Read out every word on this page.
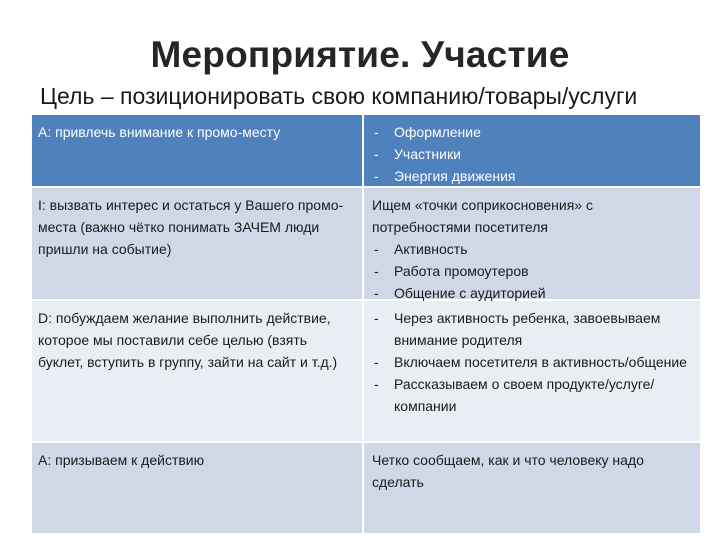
Мероприятие. Участие
Цель – позиционировать свою компанию/товары/услуги
A: привлечь внимание к промо-месту
-	Оформление
- Участники
- Энергия движения
I: вызвать интерес и остаться у Вашего промо-места (важно чётко понимать ЗАЧЕМ люди пришли на событие)
Ищем «точки соприкосновения» с потребностями посетителя
- Активность
- Работа промоутеров
- Общение с аудиторией
D: побуждаем желание выполнить действие, которое мы поставили себе целью (взять буклет, вступить в группу, зайти на сайт и т.д.)
- Через активность ребенка, завоевываем внимание родителя
- Включаем посетителя в активность/общение
- Рассказываем о своем продукте/услуге/компании
A: призываем к действию	Четко сообщаем, как и что человеку надо сделать
